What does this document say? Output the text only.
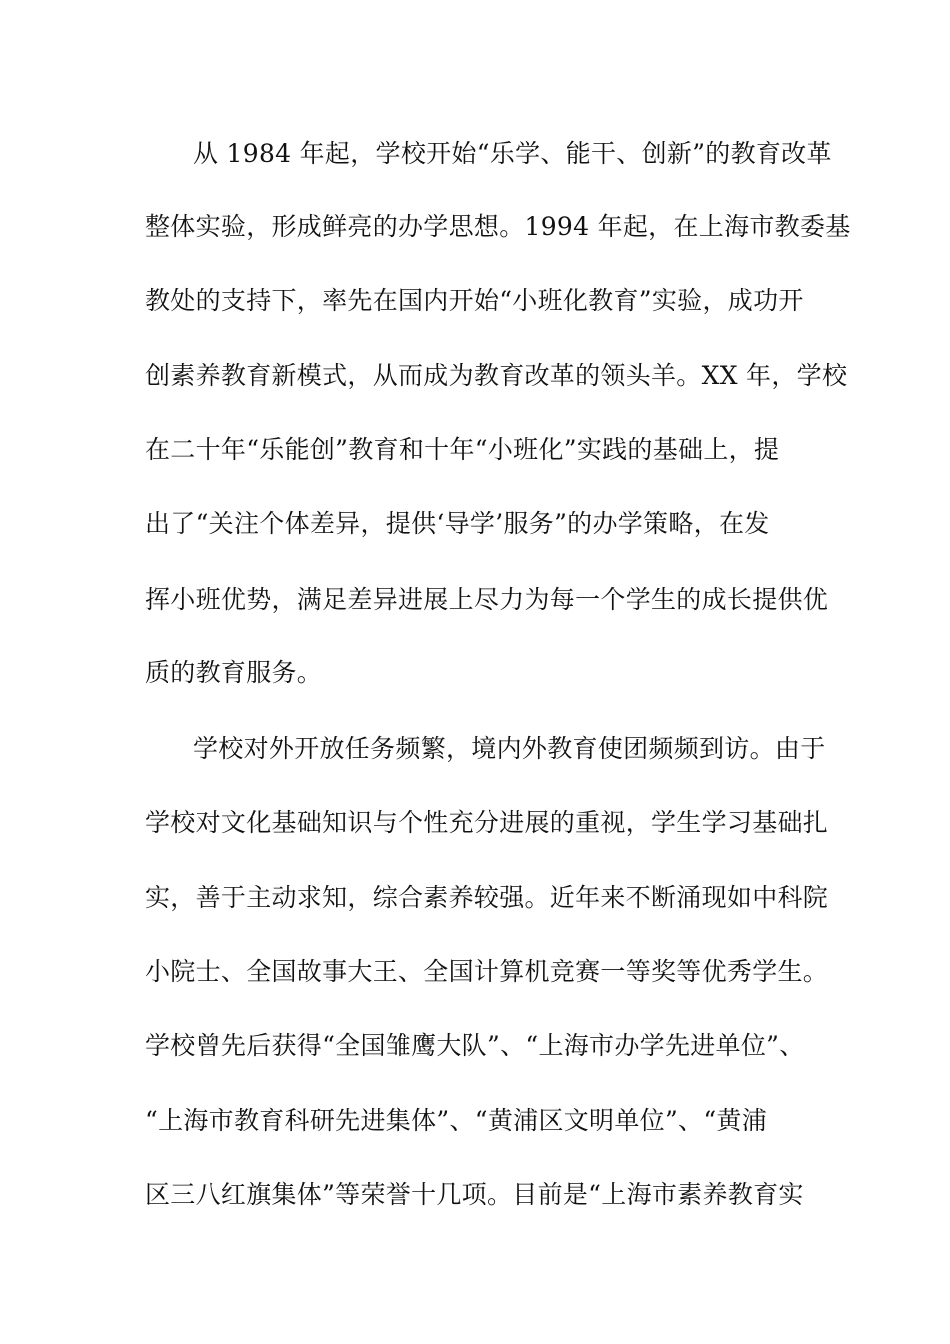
从 1984 年起，学校开始“乐学、能干、创新”的教育改革
整体实验，形成鲜亮的办学思想。1994 年起，在上海市教委基
教处的支持下，率先在国内开始“小班化教育”实验，成功开
创素养教育新模式，从而成为教育改革的领头羊。XX 年，学校
在二十年“乐能创”教育和十年“小班化”实践的基础上，提
出了“关注个体差异，提供‘导学’服务”的办学策略，在发
挥小班优势，满足差异进展上尽力为每一个学生的成长提供优
质的教育服务。
学校对外开放任务频繁，境内外教育使团频频到访。由于
学校对文化基础知识与个性充分进展的重视，学生学习基础扎
实，善于主动求知，综合素养较强。近年来不断涌现如中科院
小院士、全国故事大王、全国计算机竞赛一等奖等优秀学生。
学校曾先后获得“全国雏鹰大队”、“上海市办学先进单位”、
“上海市教育科研先进集体”、“黄浦区文明单位”、“黄浦
区三八红旗集体”等荣誉十几项。目前是“上海市素养教育实
